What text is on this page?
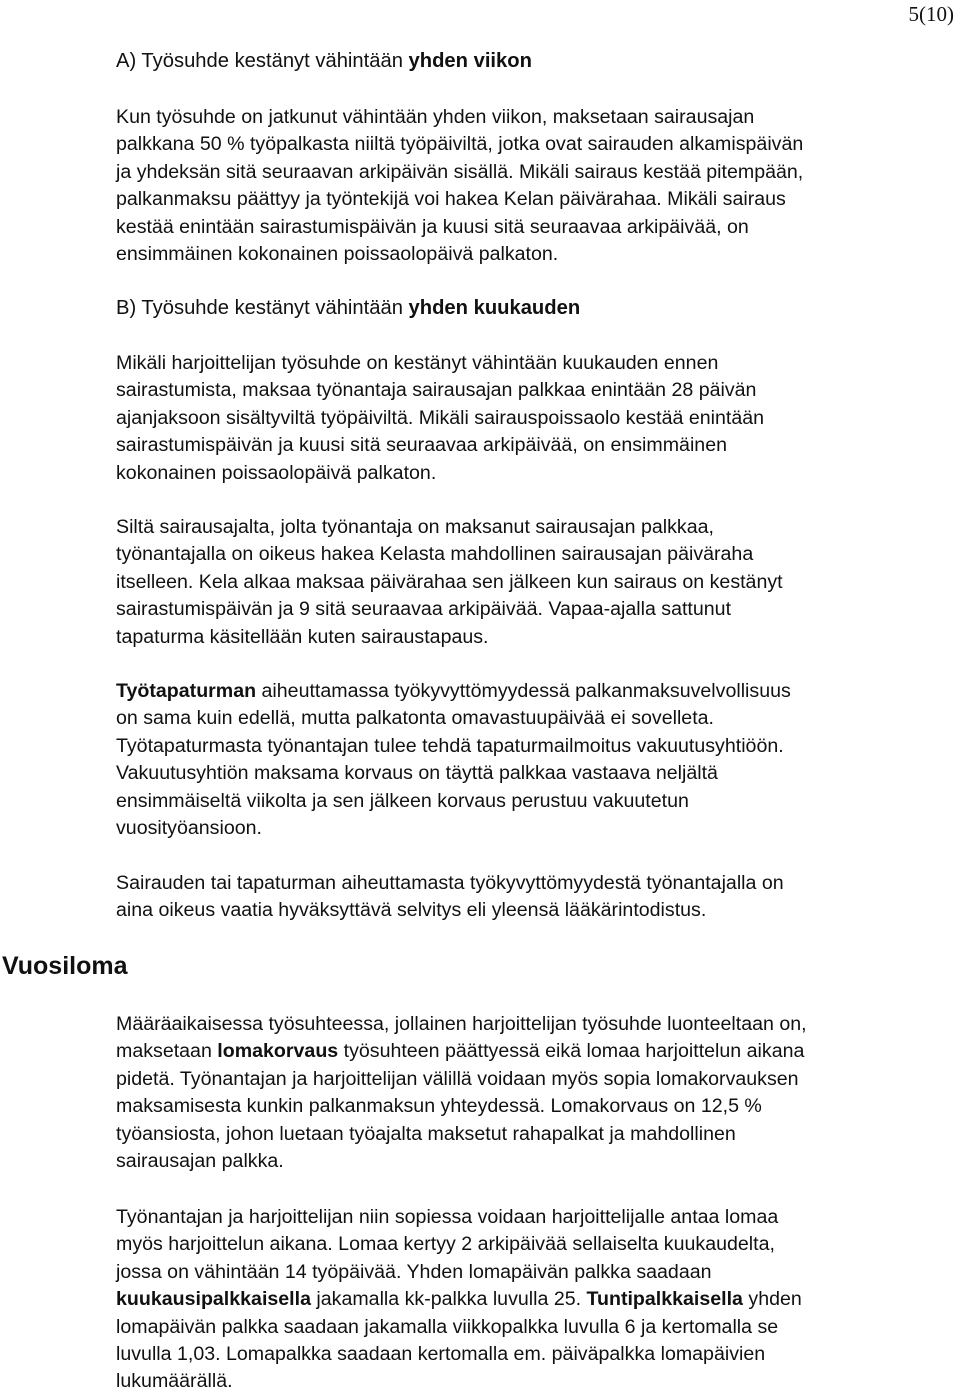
5(10)
Vuosiloma

A) Työsuhde kestänyt vähintään yhden viikon

Kun työsuhde on jatkunut vähintään yhden viikon, maksetaan sairausajan
palkkana 50 % työpalkasta niiltä työpäiviltä, jotka ovat sairauden alkamispäivän
ja yhdeksän sitä seuraavan arkipäivän sisällä. Mikäli sairaus kestää pitempään,
palkanmaksu päättyy ja työntekijä voi hakea Kelan päivärahaa. Mikäli sairaus
kestää enintään sairastumispäivän ja kuusi sitä seuraavaa arkipäivää, on
ensimmäinen kokonainen poissaolopäivä palkaton.

B) Työsuhde kestänyt vähintään yhden kuukauden

Mikäli harjoittelijan työsuhde on kestänyt vähintään kuukauden ennen
sairastumista, maksaa työnantaja sairausajan palkkaa enintään 28 päivän
ajanjaksoon sisältyviltä työpäiviltä. Mikäli sairauspoissaolo kestää enintään
sairastumispäivän ja kuusi sitä seuraavaa arkipäivää, on ensimmäinen
kokonainen poissaolopäivä palkaton.
Siltä sairausajalta, jolta työnantaja on maksanut sairausajan palkkaa,
työnantajalla on oikeus hakea Kelasta mahdollinen sairausajan päiväraha
itselleen. Kela alkaa maksaa päivärahaa sen jälkeen kun sairaus on kestänyt
sairastumispäivän ja 9 sitä seuraavaa arkipäivää. Vapaa-ajalla sattunut
tapaturma käsitellään kuten sairaustapaus.
Työtapaturman aiheuttamassa työkyvyttömyydessä palkanmaksuvelvollisuus
on sama kuin edellä, mutta palkatonta omavastuupäivää ei sovelleta.
Työtapaturmasta työnantajan tulee tehdä tapaturmailmoitus vakuutusyhtiöön.
Vakuutusyhtiön maksama korvaus on täyttä palkkaa vastaava neljältä
ensimmäiseltä viikolta ja sen jälkeen korvaus perustuu vakuutetun
vuosityöansioon.
Sairauden tai tapaturman aiheuttamasta työkyvyttömyydestä työnantajalla on
aina oikeus vaatia hyväksyttävä selvitys eli yleensä lääkärintodistus.
Määräaikaisessa työsuhteessa, jollainen harjoittelijan työsuhde luonteeltaan on,
maksetaan lomakorvaus työsuhteen päättyessä eikä lomaa harjoittelun aikana
pidetä. Työnantajan ja harjoittelijan välillä voidaan myös sopia lomakorvauksen
maksamisesta kunkin palkanmaksun yhteydessä. Lomakorvaus on 12,5 %
työansiosta, johon luetaan työajalta maksetut rahapalkat ja mahdollinen
sairausajan palkka.
Työnantajan ja harjoittelijan niin sopiessa voidaan harjoittelijalle antaa lomaa
myös harjoittelun aikana. Lomaa kertyy 2 arkipäivää sellaiselta kuukaudelta,
jossa on vähintään 14 työpäivää. Yhden lomapäivän palkka saadaan
kuukausipalkkaisella jakamalla kk-palkka luvulla 25. Tuntipalkkaisella yhden
lomapäivän palkka saadaan jakamalla viikkopalkka luvulla 6 ja kertomalla se
luvulla 1,03. Lomapalkka saadaan kertomalla em. päiväpalkka lomapäivien
lukumäärällä.
